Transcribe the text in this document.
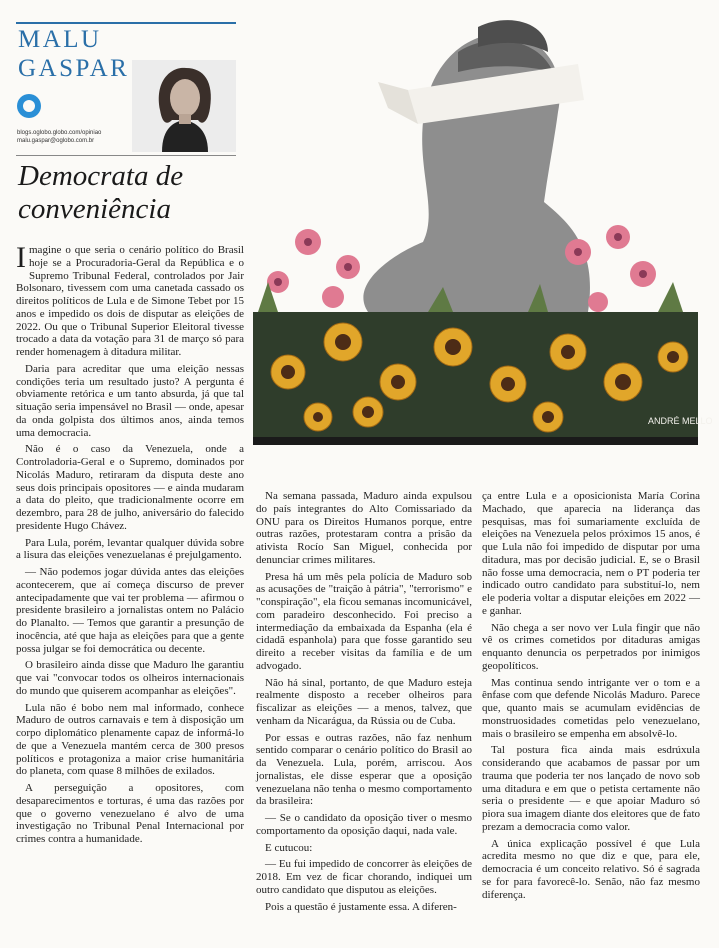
MALU
GASPAR
blogs.oglobo.globo.com/opiniao
malu.gaspar@oglobo.com.br
Democrata de conveniência
ANDRÉ MELLO

Imagine o que seria o cenário político do Brasil hoje se a Procuradoria-Geral da República e o Supremo Tribunal Federal, controlados por Jair Bolsonaro, tivessem com uma canetada cassado os direitos políticos de Lula e de Simone Tebet por 15 anos e impedido os dois de disputar as eleições de 2022. Ou que o Tribunal Superior Eleitoral tivesse trocado a data da votação para 31 de março só para render homenagem à ditadura militar.

Daria para acreditar que uma eleição nessas condições teria um resultado justo? A pergunta é obviamente retórica e um tanto absurda, já que tal situação seria impensável no Brasil — onde, apesar da onda golpista dos últimos anos, ainda temos uma democracia.

Não é o caso da Venezuela, onde a Controladoria-Geral e o Supremo, dominados por Nicolás Maduro, retiraram da disputa deste ano seus dois principais opositores — e ainda mudaram a data do pleito, que tradicionalmente ocorre em dezembro, para 28 de julho, aniversário do falecido presidente Hugo Chávez.

Para Lula, porém, levantar qualquer dúvida sobre a lisura das eleições venezuelanas é prejulgamento.

— Não podemos jogar dúvida antes das eleições acontecerem, que aí começa discurso de prever antecipadamente que vai ter problema — afirmou o presidente brasileiro a jornalistas ontem no Palácio do Planalto. — Temos que garantir a presunção de inocência, até que haja as eleições para que a gente possa julgar se foi democrática ou decente.

O brasileiro ainda disse que Maduro lhe garantiu que vai "convocar todos os olheiros internacionais do mundo que quiserem acompanhar as eleições".

Lula não é bobo nem mal informado, conhece Maduro de outros carnavais e tem à disposição um corpo diplomático plenamente capaz de informá-lo de que a Venezuela mantém cerca de 300 presos políticos e protagoniza a maior crise humanitária do planeta, com quase 8 milhões de exilados.

A perseguição a opositores, com desaparecimentos e torturas, é uma das razões por que o governo venezuelano é alvo de uma investigação no Tribunal Penal Internacional por crimes contra a humanidade.

Na semana passada, Maduro ainda expulsou do país integrantes do Alto Comissariado da ONU para os Direitos Humanos porque, entre outras razões, protestaram contra a prisão da ativista Rocío San Miguel, conhecida por denunciar crimes militares.

Presa há um mês pela polícia de Maduro sob as acusações de "traição à pátria", "terrorismo" e "conspiração", ela ficou semanas incomunicável, com paradeiro desconhecido. Foi preciso a intermediação da embaixada da Espanha (ela é cidadã espanhola) para que fosse garantido seu direito a receber visitas da família e de um advogado.

Não há sinal, portanto, de que Maduro esteja realmente disposto a receber olheiros para fiscalizar as eleições — a menos, talvez, que venham da Nicarágua, da Rússia ou de Cuba.

Por essas e outras razões, não faz nenhum sentido comparar o cenário político do Brasil ao da Venezuela. Lula, porém, arriscou. Aos jornalistas, ele disse esperar que a oposição venezuelana não tenha o mesmo comportamento da brasileira:

— Se o candidato da oposição tiver o mesmo comportamento da oposição daqui, nada vale.

E cutucou:

— Eu fui impedido de concorrer às eleições de 2018. Em vez de ficar chorando, indiquei um outro candidato que disputou as eleições.

Pois a questão é justamente essa. A diferen-

ça entre Lula e a oposicionista María Corina Machado, que aparecia na liderança das pesquisas, mas foi sumariamente excluída de eleições na Venezuela pelos próximos 15 anos, é que Lula não foi impedido de disputar por uma ditadura, mas por decisão judicial. E, se o Brasil não fosse uma democracia, nem o PT poderia ter indicado outro candidato para substituí-lo, nem ele poderia voltar a disputar eleições em 2022 — e ganhar.

Não chega a ser novo ver Lula fingir que não vê os crimes cometidos por ditaduras amigas enquanto denuncia os perpetrados por inimigos geopolíticos.

Mas continua sendo intrigante ver o tom e a ênfase com que defende Nicolás Maduro. Parece que, quanto mais se acumulam evidências de monstruosidades cometidas pelo venezuelano, mais o brasileiro se empenha em absolvê-lo.

Tal postura fica ainda mais esdrúxula considerando que acabamos de passar por um trauma que poderia ter nos lançado de novo sob uma ditadura e em que o petista certamente não seria o presidente — e que apoiar Maduro só piora sua imagem diante dos eleitores que de fato prezam a democracia como valor.

A única explicação possível é que Lula acredita mesmo no que diz e que, para ele, democracia é um conceito relativo. Só é sagrada se for para favorecê-lo. Senão, não faz mesmo diferença.
